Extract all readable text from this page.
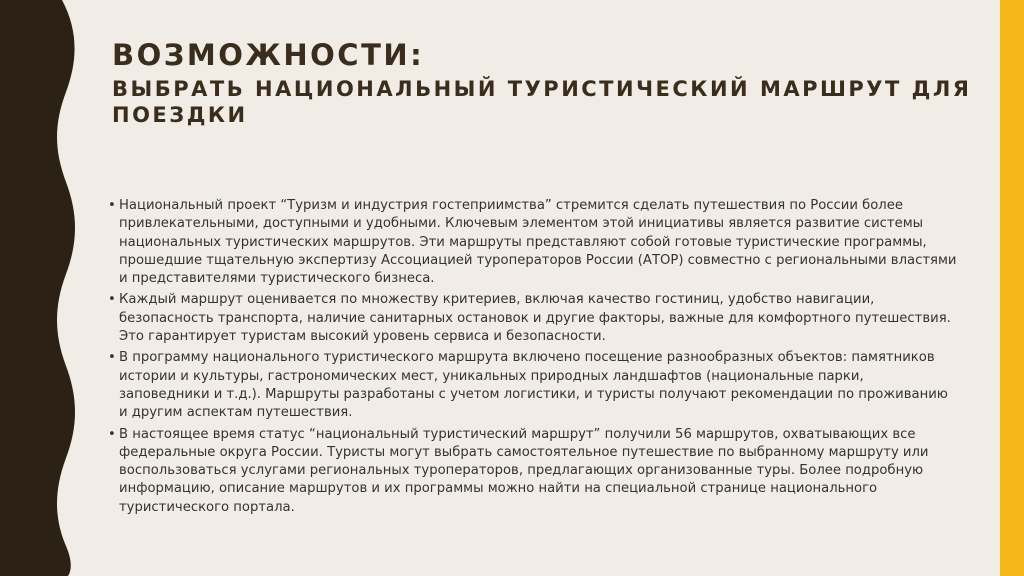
ВОЗМОЖНОСТИ:
ВЫБРАТЬ НАЦИОНАЛЬНЫЙ ТУРИСТИЧЕСКИЙ МАРШРУТ ДЛЯ ПОЕЗДКИ
• Национальный проект “Туризм и индустрия гостеприимства” стремится сделать путешествия по России более привлекательными, доступными и удобными. Ключевым элементом этой инициативы является развитие системы национальных туристических маршрутов. Эти маршруты представляют собой готовые туристические программы, прошедшие тщательную экспертизу Ассоциацией туроператоров России (АТОР) совместно с региональными властями и представителями туристического бизнеса.
• Каждый маршрут оценивается по множеству критериев, включая качество гостиниц, удобство навигации, безопасность транспорта, наличие санитарных остановок и другие факторы, важные для комфортного путешествия. Это гарантирует туристам высокий уровень сервиса и безопасности.
• В программу национального туристического маршрута включено посещение разнообразных объектов: памятников истории и культуры, гастрономических мест, уникальных природных ландшафтов (национальные парки, заповедники и т.д.). Маршруты разработаны с учетом логистики, и туристы получают рекомендации по проживанию и другим аспектам путешествия.
• В настоящее время статус “национальный туристический маршрут” получили 56 маршрутов, охватывающих все федеральные округа России. Туристы могут выбрать самостоятельное путешествие по выбранному маршруту или воспользоваться услугами региональных туроператоров, предлагающих организованные туры. Более подробную информацию, описание маршрутов и их программы можно найти на специальной странице национального туристического портала.
